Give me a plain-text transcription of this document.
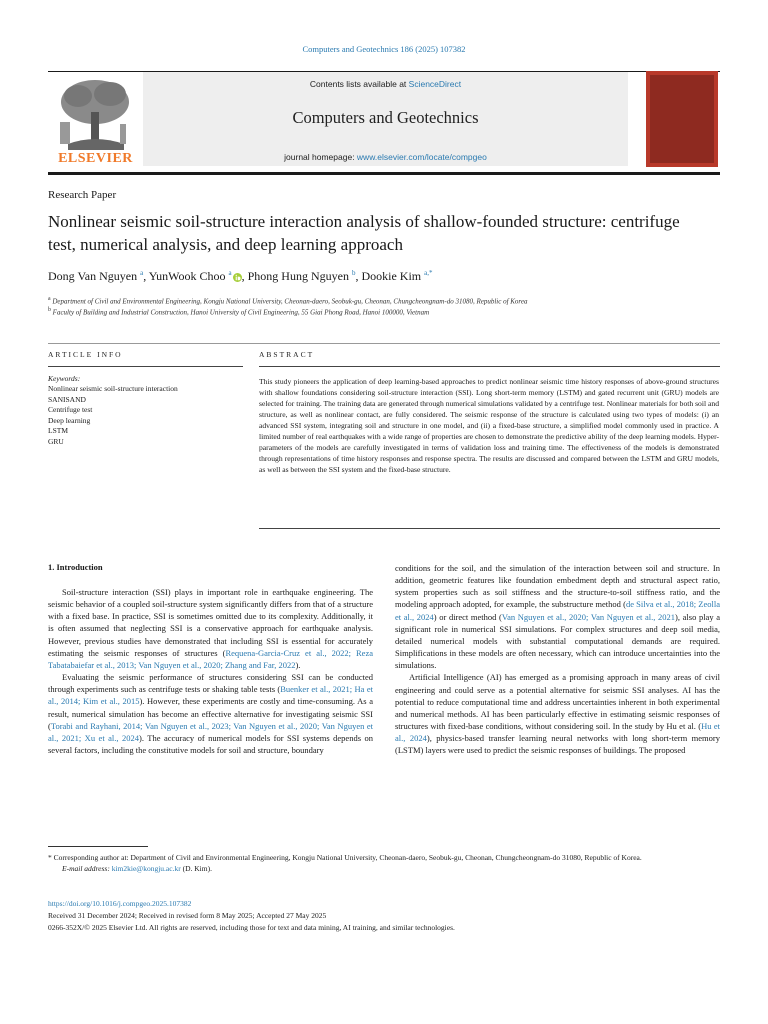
Computers and Geotechnics 186 (2025) 107382
ELSEVIER
Contents lists available at ScienceDirect
Computers and Geotechnics
journal homepage: www.elsevier.com/locate/compgeo
Research Paper
Nonlinear seismic soil-structure interaction analysis of shallow-founded structure: centrifuge test, numerical analysis, and deep learning approach
Dong Van Nguyen $^a$, YunWook Choo $^a$ , Phong Hung Nguyen $^b$, Dookie Kim $^{a,*}$
$^a$ Department of Civil and Environmental Engineering, Kongju National University, Cheonan-daero, Seobuk-gu, Cheonan, Chungcheongnam-do 31080, Republic of Korea
$^b$ Faculty of Building and Industrial Construction, Hanoi University of Civil Engineering, 55 Giai Phong Road, Hanoi 100000, Vietnam
ARTICLE INFO	ABSTRACT
Keywords:
Nonlinear seismic soil-structure interaction
SANISAND
Centrifuge test
Deep learning
LSTM
GRU
This study pioneers the application of deep learning-based approaches to predict nonlinear seismic time history responses of above-ground structures with shallow foundations considering soil-structure interaction (SSI). Long short-term memory (LSTM) and gated recurrent unit (GRU) models are selected for training. The training data are generated through numerical simulations validated by a centrifuge test. Nonlinear materials for both soil and structure, as well as nonlinear contact, are fully considered. The seismic response of the structure is calculated using two types of models: (i) an advanced SSI system, integrating soil and structure in one model, and (ii) a fixed-base structure, a simplified model commonly used in practice. A limited number of real earthquakes with a wide range of properties are chosen to demonstrate the predictive ability of the deep learning models. Hyper-parameters of the models are carefully investigated in terms of validation loss and training time. The effectiveness of the models is demonstrated through representations of time history responses and response spectra. The results are discussed and compared between the LSTM and GRU models, as well as between the SSI system and the fixed-base structure.
1. Introduction

Soil-structure interaction (SSI) plays in important role in earthquake engineering. The seismic behavior of a coupled soil-structure system significantly differs from that of a structure with a fixed base. In practice, SSI is sometimes omitted due to its complexity. Additionally, it is often assumed that neglecting SSI is a conservative approach for earthquake analysis. However, previous studies have demonstrated that including SSI is essential for accurately estimating the seismic responses of structures (Requena-Garcia-Cruz et al., 2022; Reza Tabatabaiefar et al., 2013; Van Nguyen et al., 2020; Zhang and Far, 2022).

Evaluating the seismic performance of structures considering SSI can be conducted through experiments such as centrifuge tests or shaking table tests (Buenker et al., 2021; Ha et al., 2014; Kim et al., 2015). However, these experiments are costly and time-consuming. As a result, numerical simulation has become an effective alternative for investigating seismic SSI (Torabi and Rayhani, 2014; Van Nguyen et al., 2023; Van Nguyen et al., 2020; Van Nguyen et al., 2021; Xu et al., 2024). The accuracy of numerical models for SSI systems depends on several factors, including the constitutive models for soil and structure, boundary

conditions for the soil, and the simulation of the interaction between soil and structure. In addition, geometric features like foundation embedment depth and structural aspect ratio, system properties such as soil stiffness and the structure-to-soil stiffness ratio, and the modeling approach adopted, for example, the substructure method (de Silva et al., 2018; Zeolla et al., 2024) or direct method (Van Nguyen et al., 2020; Van Nguyen et al., 2021), also play a significant role in numerical SSI simulations. For complex structures and deep soil media, detailed numerical models with substantial computational demands are required. Simplifications in these models are often necessary, which can introduce uncertainties into the simulations.

Artificial Intelligence (AI) has emerged as a promising approach in many areas of civil engineering and could serve as a potential alternative for seismic SSI analyses. AI has the potential to reduce computational time and address uncertainties inherent in both experimental and numerical methods. AI has been particularly effective in estimating seismic responses of structures with fixed-base conditions, without considering soil. In the study by Hu et al. (Hu et al., 2024), physics-based transfer learning neural networks with long short-term memory (LSTM) layers were used to predict the seismic responses of buildings. The proposed

* Corresponding author at: Department of Civil and Environmental Engineering, Kongju National University, Cheonan-daero, Seobuk-gu, Cheonan, Chungcheongnam-do 31080, Republic of Korea.
E-mail address: kim2kie@kongju.ac.kr (D. Kim).
https://doi.org/10.1016/j.compgeo.2025.107382
Received 31 December 2024; Received in revised form 8 May 2025; Accepted 27 May 2025
0266-352X/© 2025 Elsevier Ltd. All rights are reserved, including those for text and data mining, AI training, and similar technologies.
